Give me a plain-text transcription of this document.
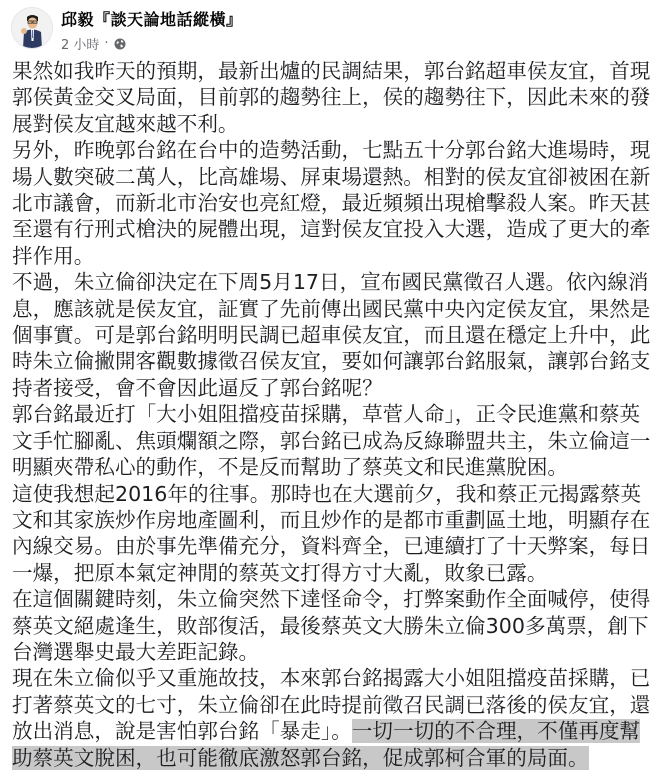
邱毅『談天論地話縱橫』
2 小時 ·

果然如我昨天的預期，最新出爐的民調結果，郭台銘超車侯友宜，首現郭侯黃金交叉局面，目前郭的趨勢往上，侯的趨勢往下，因此未來的發展對侯友宜越來越不利。

另外，昨晚郭台銘在台中的造勢活動，七點五十分郭台銘大進場時，現場人數突破二萬人，比高雄場、屏東場還熱。相對的侯友宜卻被困在新北市議會，而新北市治安也亮紅燈，最近頻頻出現槍擊殺人案。昨天甚至還有行刑式槍決的屍體出現，這對侯友宜投入大選，造成了更大的牽拌作用。

不過，朱立倫卻決定在下周5月17日，宣布國民黨徵召人選。依內線消息，應該就是侯友宜，証實了先前傳出國民黨中央內定侯友宜，果然是個事實。可是郭台銘明明民調已超車侯友宜，而且還在穩定上升中，此時朱立倫撇開客觀數據徵召侯友宜，要如何讓郭台銘服氣，讓郭台銘支持者接受，會不會因此逼反了郭台銘呢？

郭台銘最近打「大小姐阻擋疫苗採購，草菅人命」，正令民進黨和蔡英文手忙腳亂、焦頭爛額之際，郭台銘已成為反綠聯盟共主，朱立倫這一明顯夾帶私心的動作，不是反而幫助了蔡英文和民進黨脫困。

這使我想起2016年的往事。那時也在大選前夕，我和蔡正元揭露蔡英文和其家族炒作房地產圖利，而且炒作的是都市重劃區土地，明顯存在內線交易。由於事先準備充分，資料齊全，已連續打了十天弊案，每日一爆，把原本氣定神閒的蔡英文打得方寸大亂，敗象已露。

在這個關鍵時刻，朱立倫突然下達怪命令，打弊案動作全面喊停，使得蔡英文絕處逢生，敗部復活，最後蔡英文大勝朱立倫300多萬票，創下台灣選舉史最大差距記錄。

現在朱立倫似乎又重施故技，本來郭台銘揭露大小姐阻擋疫苗採購，已打著蔡英文的七寸，朱立倫卻在此時提前徵召民調已落後的侯友宜，還放出消息，說是害怕郭台銘「暴走」。一切一切的不合理，不僅再度幫助蔡英文脫困，也可能徹底激怒郭台銘，促成郭柯合軍的局面。
